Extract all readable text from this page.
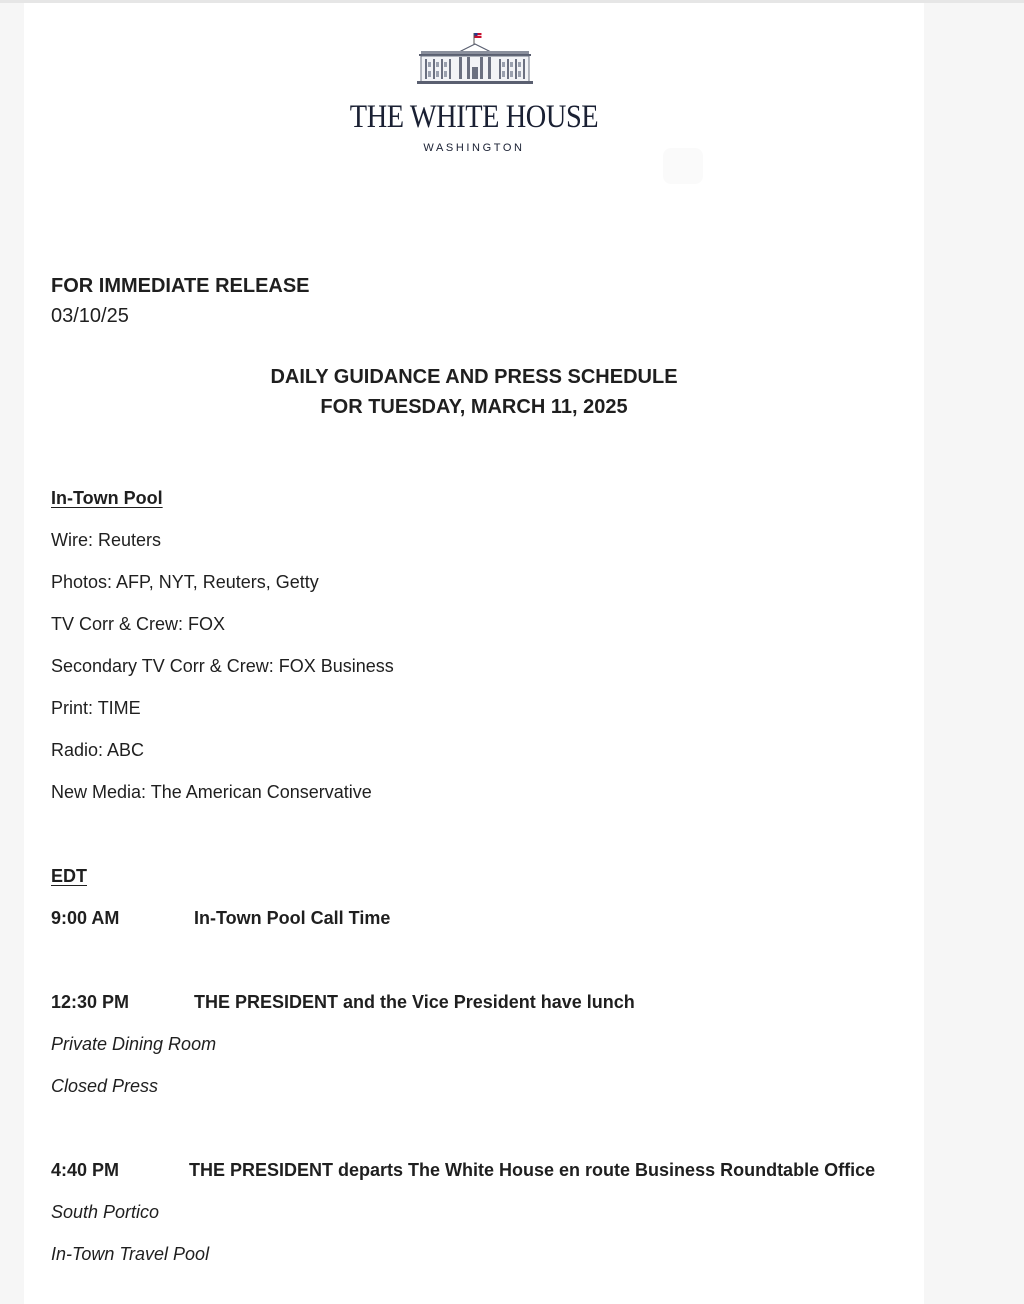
THE WHITE HOUSE
WASHINGTON
FOR IMMEDIATE RELEASE
03/10/25
DAILY GUIDANCE AND PRESS SCHEDULE
FOR TUESDAY, MARCH 11, 2025
In-Town Pool
Wire: Reuters
Photos: AFP, NYT, Reuters, Getty
TV Corr & Crew: FOX
Secondary TV Corr & Crew: FOX Business
Print: TIME
Radio: ABC
New Media: The American Conservative
EDT
9:00 AM	In-Town Pool Call Time
12:30 PM	THE PRESIDENT and the Vice President have lunch
Private Dining Room
Closed Press
4:40 PM	THE PRESIDENT departs The White House en route Business Roundtable Office
South Portico
In-Town Travel Pool
